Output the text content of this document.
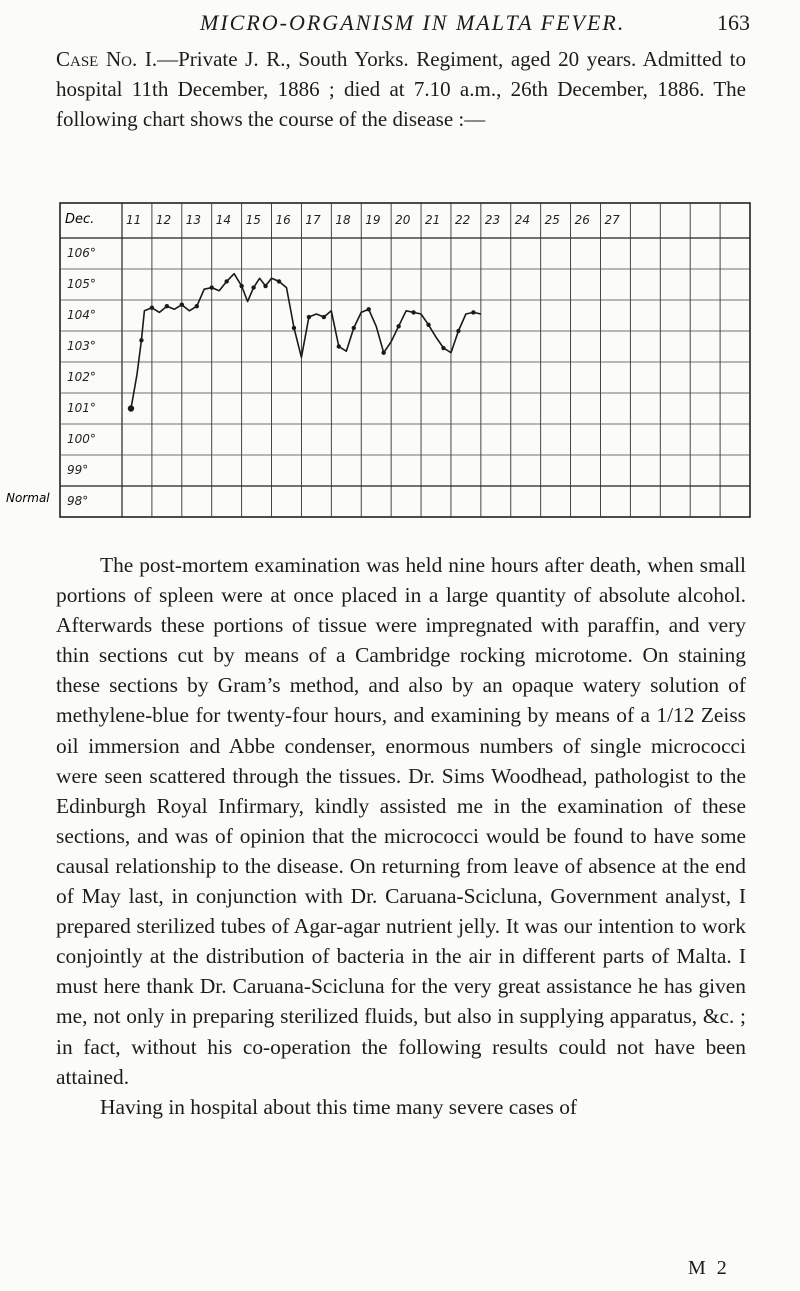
MICRO-ORGANISM IN MALTA FEVER.	163
Case No. I.—Private J. R., South Yorks. Regiment, aged 20 years. Admitted to hospital 11th December, 1886 ; died at 7.10 a.m., 26th December, 1886. The following chart shows the course of the disease :—
Dec.
Normal
11 12 13 14 15 16 17 18 19 20 21 22 23 24 25 26 27
106°
105°
104°
103°
102°
101°
100°
99°
98°

The post-mortem examination was held nine hours after death, when small portions of spleen were at once placed in a large quantity of absolute alcohol. Afterwards these portions of tissue were impregnated with paraffin, and very thin sections cut by means of a Cambridge rocking microtome. On staining these sections by Gram’s method, and also by an opaque watery solution of methylene-blue for twenty-four hours, and examining by means of a 1/12 Zeiss oil immersion and Abbe condenser, enormous numbers of single micrococci were seen scattered through the tissues. Dr. Sims Woodhead, pathologist to the Edinburgh Royal Infirmary, kindly assisted me in the examination of these sections, and was of opinion that the micrococci would be found to have some causal relationship to the disease. On returning from leave of absence at the end of May last, in conjunction with Dr. Caruana-Scicluna, Government analyst, I prepared sterilized tubes of Agar-agar nutrient jelly. It was our intention to work conjointly at the distribution of bacteria in the air in different parts of Malta. I must here thank Dr. Caruana-Scicluna for the very great assistance he has given me, not only in preparing sterilized fluids, but also in supplying apparatus, &c. ; in fact, without his co-operation the following results could not have been attained.

Having in hospital about this time many severe cases of

M 2
